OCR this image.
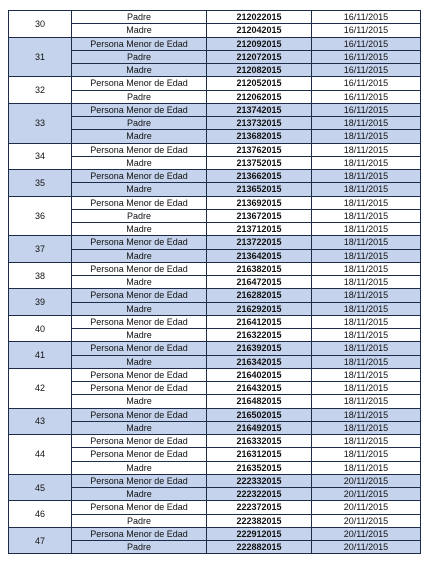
30	Padre	212022015	16/11/2015
	Madre	212042015	16/11/2015
31	Persona Menor de Edad	212092015	16/11/2015
	Padre	212072015	16/11/2015
	Madre	212082015	16/11/2015
32	Persona Menor de Edad	212052015	16/11/2015
	Padre	212062015	16/11/2015
33	Persona Menor de Edad	213742015	16/11/2015
	Padre	213732015	18/11/2015
	Madre	213682015	18/11/2015
34	Persona Menor de Edad	213762015	18/11/2015
	Madre	213752015	18/11/2015
35	Persona Menor de Edad	213662015	18/11/2015
	Madre	213652015	18/11/2015
36	Persona Menor de Edad	213692015	18/11/2015
	Padre	213672015	18/11/2015
	Madre	213712015	18/11/2015
37	Persona Menor de Edad	213722015	18/11/2015
	Madre	213642015	18/11/2015
38	Persona Menor de Edad	216382015	18/11/2015
	Madre	216472015	18/11/2015
39	Persona Menor de Edad	216282015	18/11/2015
	Madre	216292015	18/11/2015
40	Persona Menor de Edad	216412015	18/11/2015
	Madre	216322015	18/11/2015
41	Persona Menor de Edad	216392015	18/11/2015
	Madre	216342015	18/11/2015
42	Persona Menor de Edad	216402015	18/11/2015
	Persona Menor de Edad	216432015	18/11/2015
	Madre	216482015	18/11/2015
43	Persona Menor de Edad	216502015	18/11/2015
	Madre	216492015	18/11/2015
44	Persona Menor de Edad	216332015	18/11/2015
	Persona Menor de Edad	216312015	18/11/2015
	Madre	216352015	18/11/2015
45	Persona Menor de Edad	222332015	20/11/2015
	Madre	222322015	20/11/2015
46	Persona Menor de Edad	222372015	20/11/2015
	Padre	222382015	20/11/2015
47	Persona Menor de Edad	222912015	20/11/2015
	Padre	222882015	20/11/2015
